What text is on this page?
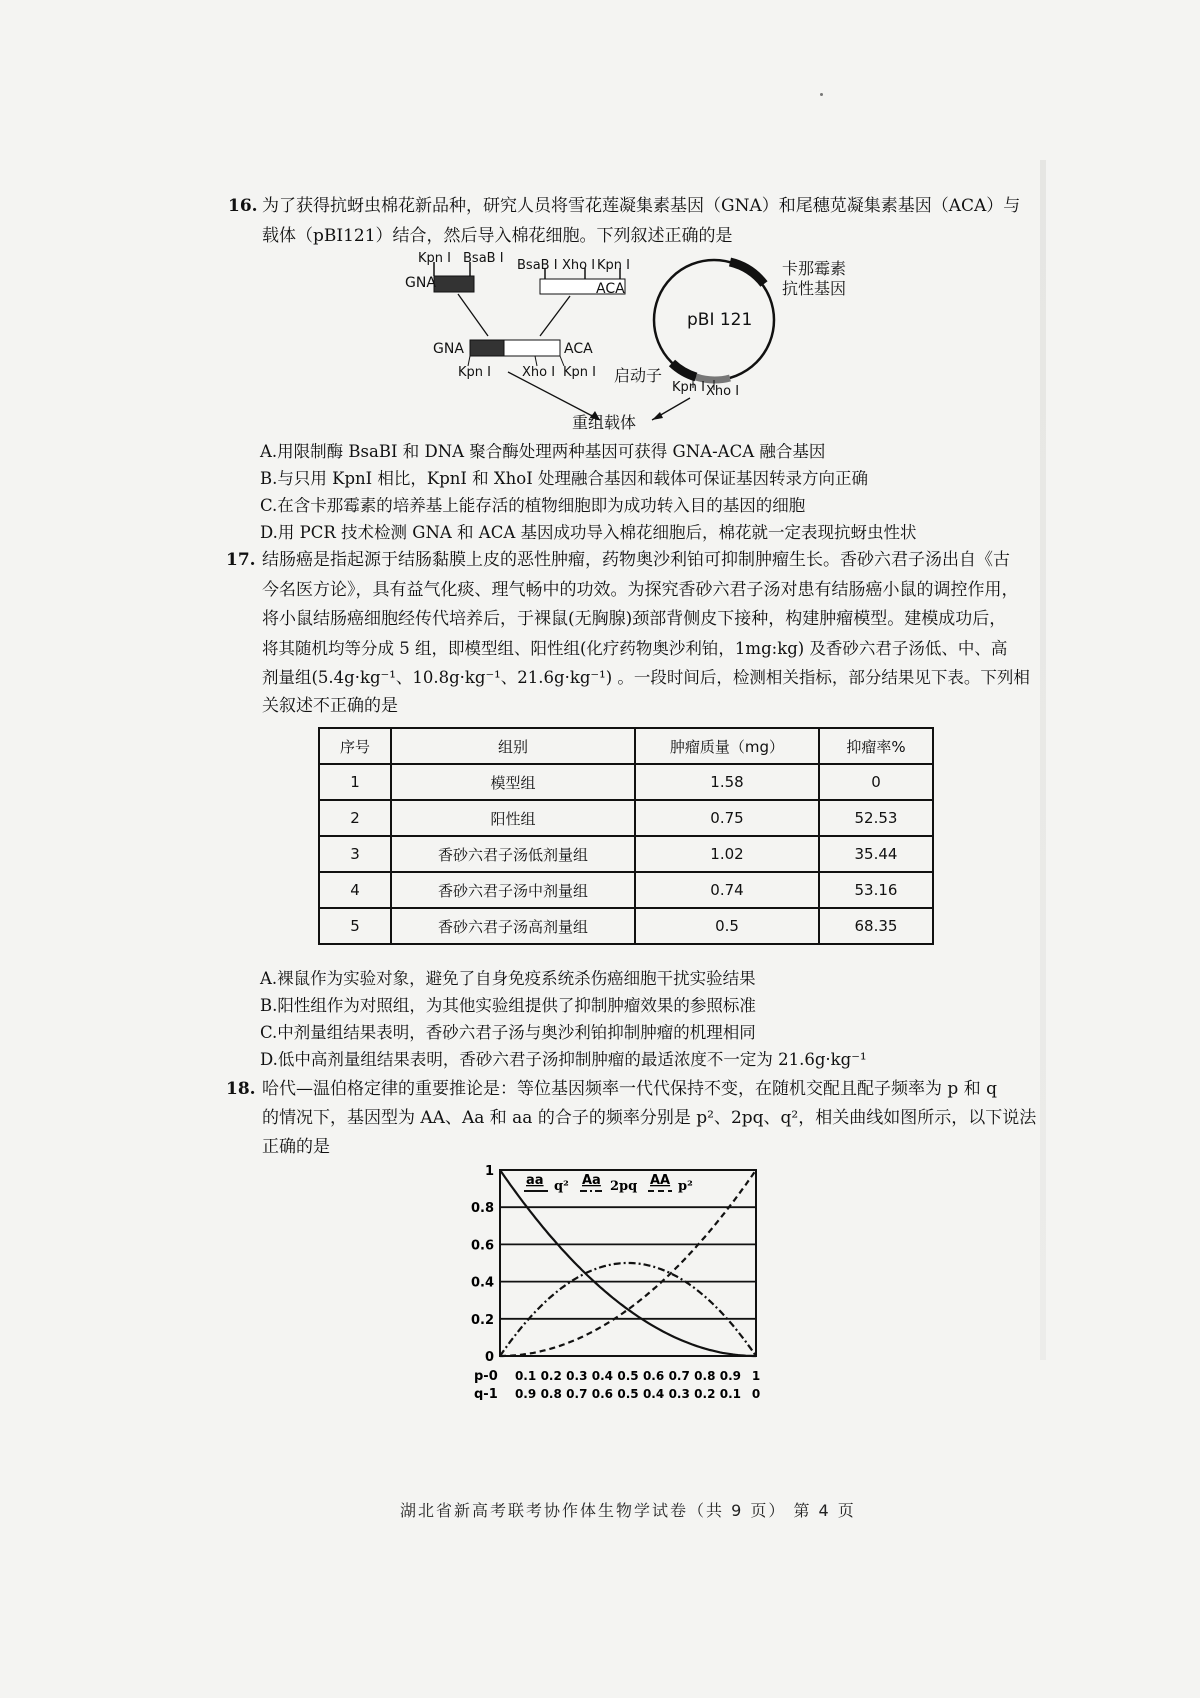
16. 为了获得抗蚜虫棉花新品种，研究人员将雪花莲凝集素基因（GNA）和尾穗苋凝集素基因（ACA）与
载体（pBI121）结合，然后导入棉花细胞。下列叙述正确的是
Kpn I BsaB I
GNA
BsaB I Xho I Kpn I
ACA
GNA	ACA
Kpn I Xho I Kpn I
pBI 121
卡那霉素
抗性基因
启动子
Kpn I Xho I
重组载体
A.用限制酶 BsaBI 和 DNA 聚合酶处理两种基因可获得 GNA-ACA 融合基因
B.与只用 KpnI 相比，KpnI 和 XhoI 处理融合基因和载体可保证基因转录方向正确
C.在含卡那霉素的培养基上能存活的植物细胞即为成功转入目的基因的细胞
D.用 PCR 技术检测 GNA 和 ACA 基因成功导入棉花细胞后，棉花就一定表现抗蚜虫性状
17. 结肠癌是指起源于结肠黏膜上皮的恶性肿瘤，药物奥沙利铂可抑制肿瘤生长。香砂六君子汤出自《古
今名医方论》，具有益气化痰、理气畅中的功效。为探究香砂六君子汤对患有结肠癌小鼠的调控作用，
将小鼠结肠癌细胞经传代培养后，于裸鼠(无胸腺)颈部背侧皮下接种，构建肿瘤模型。建模成功后，
将其随机均等分成 5 组，即模型组、阳性组(化疗药物奥沙利铂，1mg:kg) 及香砂六君子汤低、中、高
剂量组(5.4g·kg⁻¹、10.8g·kg⁻¹、21.6g·kg⁻¹) 。一段时间后，检测相关指标，部分结果见下表。下列相
关叙述不正确的是
序号	组别	肿瘤质量（mg）	抑瘤率%
1	模型组	1.58	0
2	阳性组	0.75	52.53
3	香砂六君子汤低剂量组	1.02	35.44
4	香砂六君子汤中剂量组	0.74	53.16
5	香砂六君子汤高剂量组	0.5	68.35
A.裸鼠作为实验对象，避免了自身免疫系统杀伤癌细胞干扰实验结果
B.阳性组作为对照组，为其他实验组提供了抑制肿瘤效果的参照标准
C.中剂量组结果表明，香砂六君子汤与奥沙利铂抑制肿瘤的机理相同
D.低中高剂量组结果表明，香砂六君子汤抑制肿瘤的最适浓度不一定为 21.6g·kg⁻¹
18. 哈代—温伯格定律的重要推论是：等位基因频率一代代保持不变，在随机交配且配子频率为 p 和 q
的情况下，基因型为 AA、Aa 和 aa 的合子的频率分别是 p²、2pq、q²，相关曲线如图所示，以下说法
正确的是
1
0.8
0.6
0.4
0.2
0
aa q² Aa 2pq AA p²
p-0
q-1
0.1 0.2 0.3 0.4 0.5 0.6 0.7 0.8 0.9 1
0.9 0.8 0.7 0.6 0.5 0.4 0.3 0.2 0.1 0
湖北省新高考联考协作体生物学试卷（共 9 页） 第 4 页
